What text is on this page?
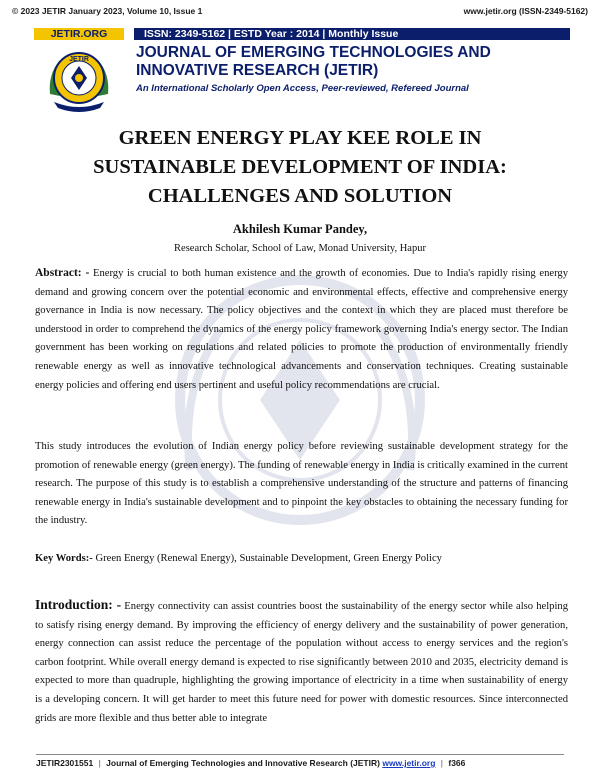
© 2023 JETIR January 2023, Volume 10, Issue 1	www.jetir.org (ISSN-2349-5162)
JETIR.ORG	ISSN: 2349-5162 | ESTD Year : 2014 | Monthly Issue
JETIR	JOURNAL OF EMERGING TECHNOLOGIES AND
INNOVATIVE RESEARCH (JETIR)
An International Scholarly Open Access, Peer-reviewed, Refereed Journal
GREEN ENERGY PLAY KEE ROLE IN
SUSTAINABLE DEVELOPMENT OF INDIA:
CHALLENGES AND SOLUTION
Akhilesh Kumar Pandey,
Research Scholar, School of Law, Monad University, Hapur
Abstract: - Energy is crucial to both human existence and the growth of economies. Due to India's rapidly rising energy demand and growing concern over the potential economic and environmental effects, effective and comprehensive energy governance in India is now necessary. The policy objectives and the context in which they are placed must therefore be understood in order to comprehend the dynamics of the energy policy framework governing India's energy sector. The Indian government has been working on regulations and related policies to promote the production of environmentally friendly renewable energy as well as innovative technological advancements and conservation techniques. Creating sustainable energy policies and offering end users pertinent and useful policy recommendations are crucial.
This study introduces the evolution of Indian energy policy before reviewing sustainable development strategy for the promotion of renewable energy (green energy). The funding of renewable energy in India is critically examined in the current research. The purpose of this study is to establish a comprehensive understanding of the structure and patterns of financing renewable energy in India's sustainable development and to pinpoint the key obstacles to obtaining the necessary funding for the industry.
Key Words:- Green Energy (Renewal Energy), Sustainable Development, Green Energy Policy
Introduction: - Energy connectivity can assist countries boost the sustainability of the energy sector while also helping to satisfy rising energy demand. By improving the efficiency of energy delivery and the sustainability of power generation, energy connection can assist reduce the percentage of the population without access to energy services and the region's carbon footprint. While overall energy demand is expected to rise significantly between 2010 and 2035, electricity demand is expected to more than quadruple, highlighting the growing importance of electricity in a time when sustainability of energy is a developing concern. It will get harder to meet this future need for power with domestic resources. Since interconnected grids are more flexible and thus better able to integrate
JETIR2301551 | Journal of Emerging Technologies and Innovative Research (JETIR) www.jetir.org | f366
